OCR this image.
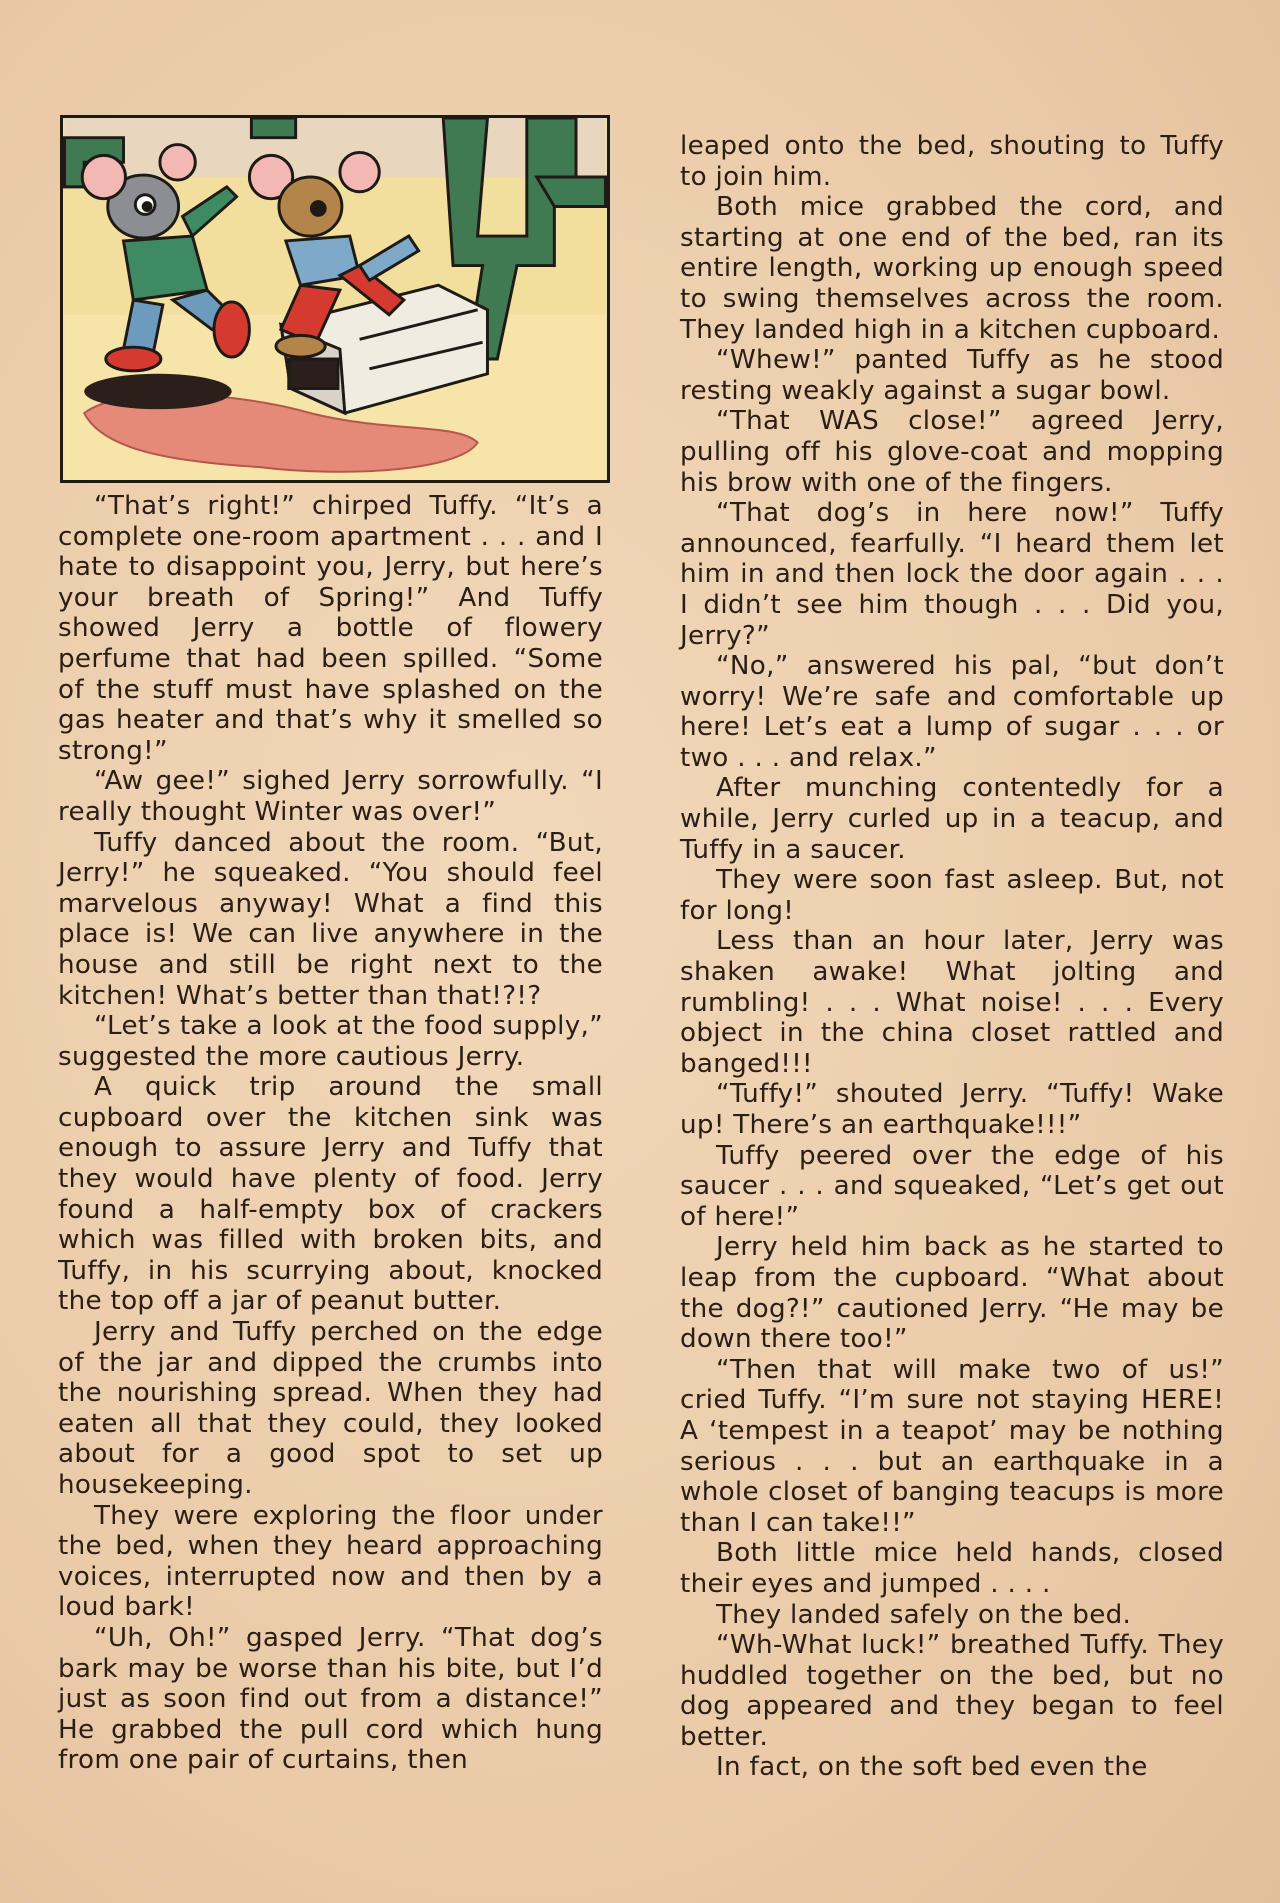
“That’s right!” chirped Tuffy. “It’s a complete one-room apartment . . . and I hate to disappoint you, Jerry, but here’s your breath of Spring!” And Tuffy showed Jerry a bottle of flowery perfume that had been spilled. “Some of the stuff must have splashed on the gas heater and that’s why it smelled so strong!”

“Aw gee!” sighed Jerry sorrowfully. “I really thought Winter was over!”

Tuffy danced about the room. “But, Jerry!” he squeaked. “You should feel marvelous anyway! What a find this place is! We can live anywhere in the house and still be right next to the kitchen! What’s better than that!?!?

“Let’s take a look at the food supply,” suggested the more cautious Jerry.

A quick trip around the small cupboard over the kitchen sink was enough to assure Jerry and Tuffy that they would have plenty of food. Jerry found a half-empty box of crackers which was filled with broken bits, and Tuffy, in his scurrying about, knocked the top off a jar of peanut butter.

Jerry and Tuffy perched on the edge of the jar and dipped the crumbs into the nourishing spread. When they had eaten all that they could, they looked about for a good spot to set up housekeeping.

They were exploring the floor under the bed, when they heard approaching voices, interrupted now and then by a loud bark!

“Uh, Oh!” gasped Jerry. “That dog’s bark may be worse than his bite, but I’d just as soon find out from a distance!” He grabbed the pull cord which hung from one pair of curtains, then

leaped onto the bed, shouting to Tuffy to join him.

Both mice grabbed the cord, and starting at one end of the bed, ran its entire length, working up enough speed to swing themselves across the room. They landed high in a kitchen cupboard.

“Whew!” panted Tuffy as he stood resting weakly against a sugar bowl.

“That WAS close!” agreed Jerry, pulling off his glove-coat and mopping his brow with one of the fingers.

“That dog’s in here now!” Tuffy announced, fearfully. “I heard them let him in and then lock the door again . . . I didn’t see him though . . . Did you, Jerry?”

“No,” answered his pal, “but don’t worry! We’re safe and comfortable up here! Let’s eat a lump of sugar . . . or two . . . and relax.”

After munching contentedly for a while, Jerry curled up in a teacup, and Tuffy in a saucer.

They were soon fast asleep. But, not for long!

Less than an hour later, Jerry was shaken awake! What jolting and rumbling! . . . What noise! . . . Every object in the china closet rattled and banged!!!

“Tuffy!” shouted Jerry. “Tuffy! Wake up! There’s an earthquake!!!”

Tuffy peered over the edge of his saucer . . . and squeaked, “Let’s get out of here!”

Jerry held him back as he started to leap from the cupboard. “What about the dog?!” cautioned Jerry. “He may be down there too!”

“Then that will make two of us!” cried Tuffy. “I’m sure not staying HERE! A ‘tempest in a teapot’ may be nothing serious . . . but an earthquake in a whole closet of banging teacups is more than I can take!!”

Both little mice held hands, closed their eyes and jumped . . . .

They landed safely on the bed.

“Wh-What luck!” breathed Tuffy. They huddled together on the bed, but no dog appeared and they began to feel better.

In fact, on the soft bed even the
